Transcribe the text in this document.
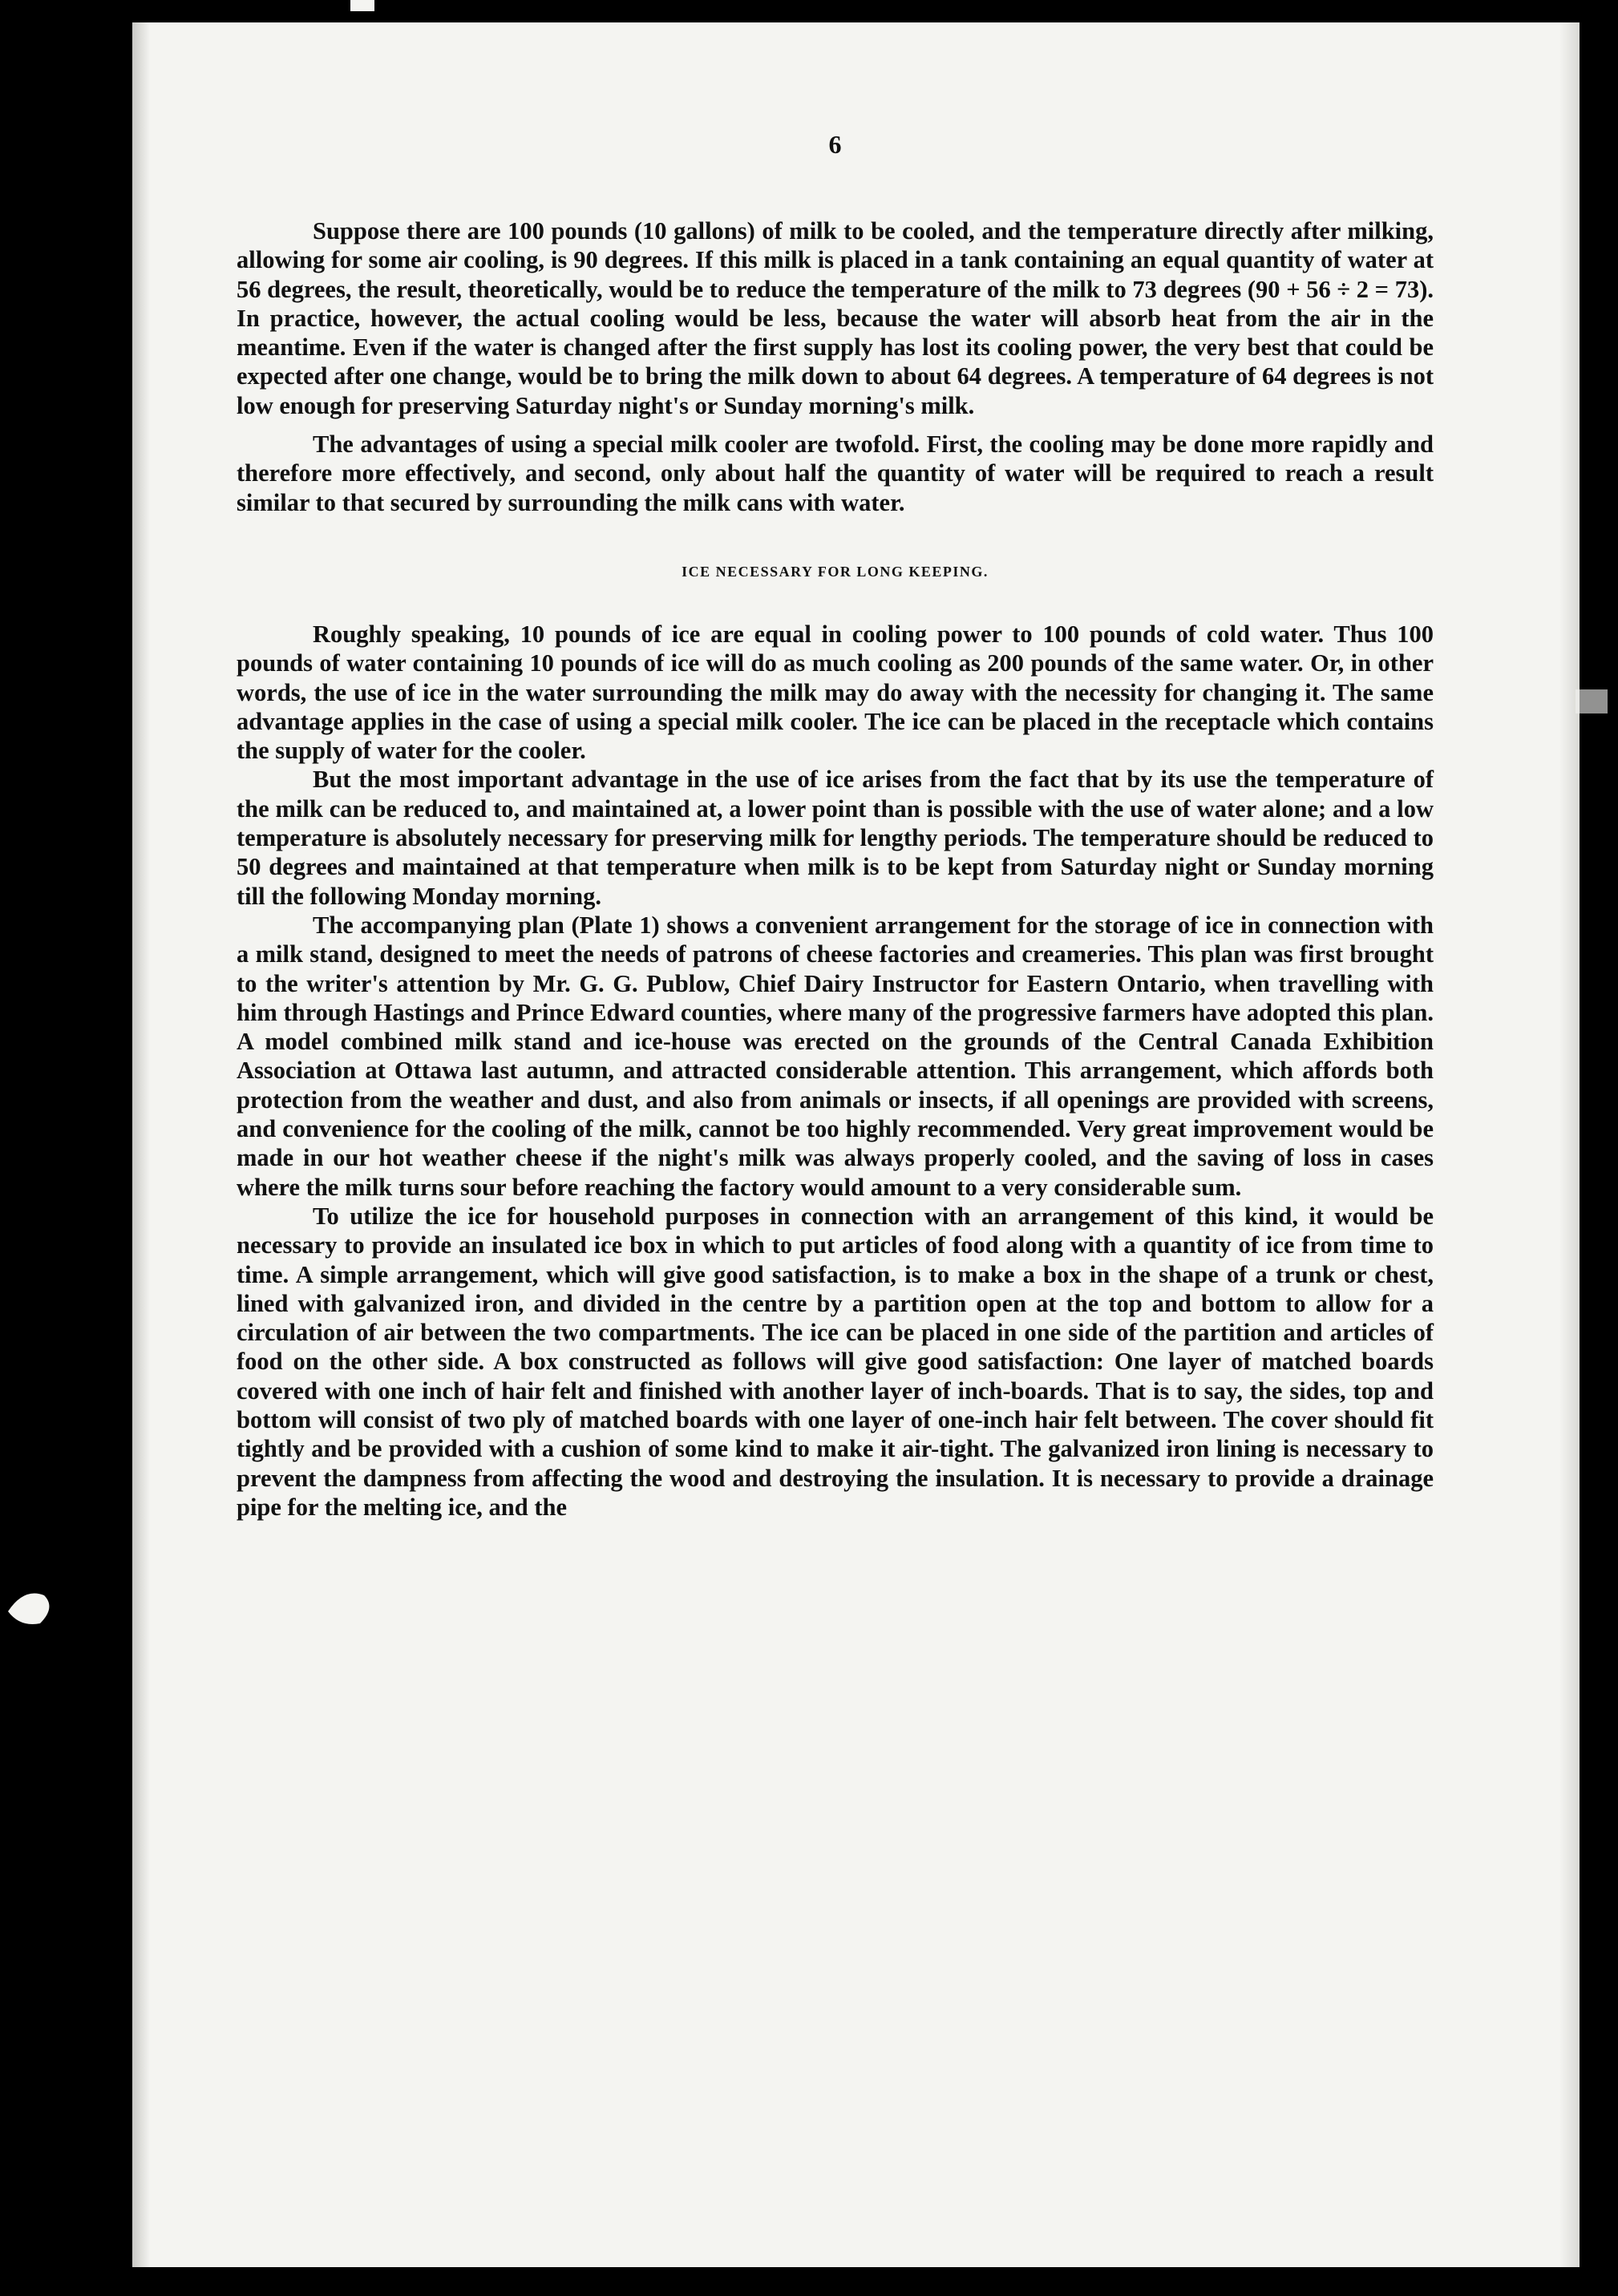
6

Suppose there are 100 pounds (10 gallons) of milk to be cooled, and the temperature directly after milking, allowing for some air cooling, is 90 degrees. If this milk is placed in a tank containing an equal quantity of water at 56 degrees, the result, theoretically, would be to reduce the temperature of the milk to 73 degrees (90 + 56 ÷ 2 = 73). In practice, however, the actual cooling would be less, because the water will absorb heat from the air in the meantime. Even if the water is changed after the first supply has lost its cooling power, the very best that could be expected after one change, would be to bring the milk down to about 64 degrees. A temperature of 64 degrees is not low enough for preserving Saturday night's or Sunday morning's milk.

The advantages of using a special milk cooler are twofold. First, the cooling may be done more rapidly and therefore more effectively, and second, only about half the quantity of water will be required to reach a result similar to that secured by surrounding the milk cans with water.

ICE NECESSARY FOR LONG KEEPING.

Roughly speaking, 10 pounds of ice are equal in cooling power to 100 pounds of cold water. Thus 100 pounds of water containing 10 pounds of ice will do as much cooling as 200 pounds of the same water. Or, in other words, the use of ice in the water surrounding the milk may do away with the necessity for changing it. The same advantage applies in the case of using a special milk cooler. The ice can be placed in the receptacle which contains the supply of water for the cooler.

But the most important advantage in the use of ice arises from the fact that by its use the temperature of the milk can be reduced to, and maintained at, a lower point than is possible with the use of water alone; and a low temperature is absolutely necessary for preserving milk for lengthy periods. The temperature should be reduced to 50 degrees and maintained at that temperature when milk is to be kept from Saturday night or Sunday morning till the following Monday morning.

The accompanying plan (Plate 1) shows a convenient arrangement for the storage of ice in connection with a milk stand, designed to meet the needs of patrons of cheese factories and creameries. This plan was first brought to the writer's attention by Mr. G. G. Publow, Chief Dairy Instructor for Eastern Ontario, when travelling with him through Hastings and Prince Edward counties, where many of the progressive farmers have adopted this plan. A model combined milk stand and ice-house was erected on the grounds of the Central Canada Exhibition Association at Ottawa last autumn, and attracted considerable attention. This arrangement, which affords both protection from the weather and dust, and also from animals or insects, if all openings are provided with screens, and convenience for the cooling of the milk, cannot be too highly recommended. Very great improvement would be made in our hot weather cheese if the night's milk was always properly cooled, and the saving of loss in cases where the milk turns sour before reaching the factory would amount to a very considerable sum.

To utilize the ice for household purposes in connection with an arrangement of this kind, it would be necessary to provide an insulated ice box in which to put articles of food along with a quantity of ice from time to time. A simple arrangement, which will give good satisfaction, is to make a box in the shape of a trunk or chest, lined with galvanized iron, and divided in the centre by a partition open at the top and bottom to allow for a circulation of air between the two compartments. The ice can be placed in one side of the partition and articles of food on the other side. A box constructed as follows will give good satisfaction: One layer of matched boards covered with one inch of hair felt and finished with another layer of inch-boards. That is to say, the sides, top and bottom will consist of two ply of matched boards with one layer of one-inch hair felt between. The cover should fit tightly and be provided with a cushion of some kind to make it air-tight. The galvanized iron lining is necessary to prevent the dampness from affecting the wood and destroying the insulation. It is necessary to provide a drainage pipe for the melting ice, and the
